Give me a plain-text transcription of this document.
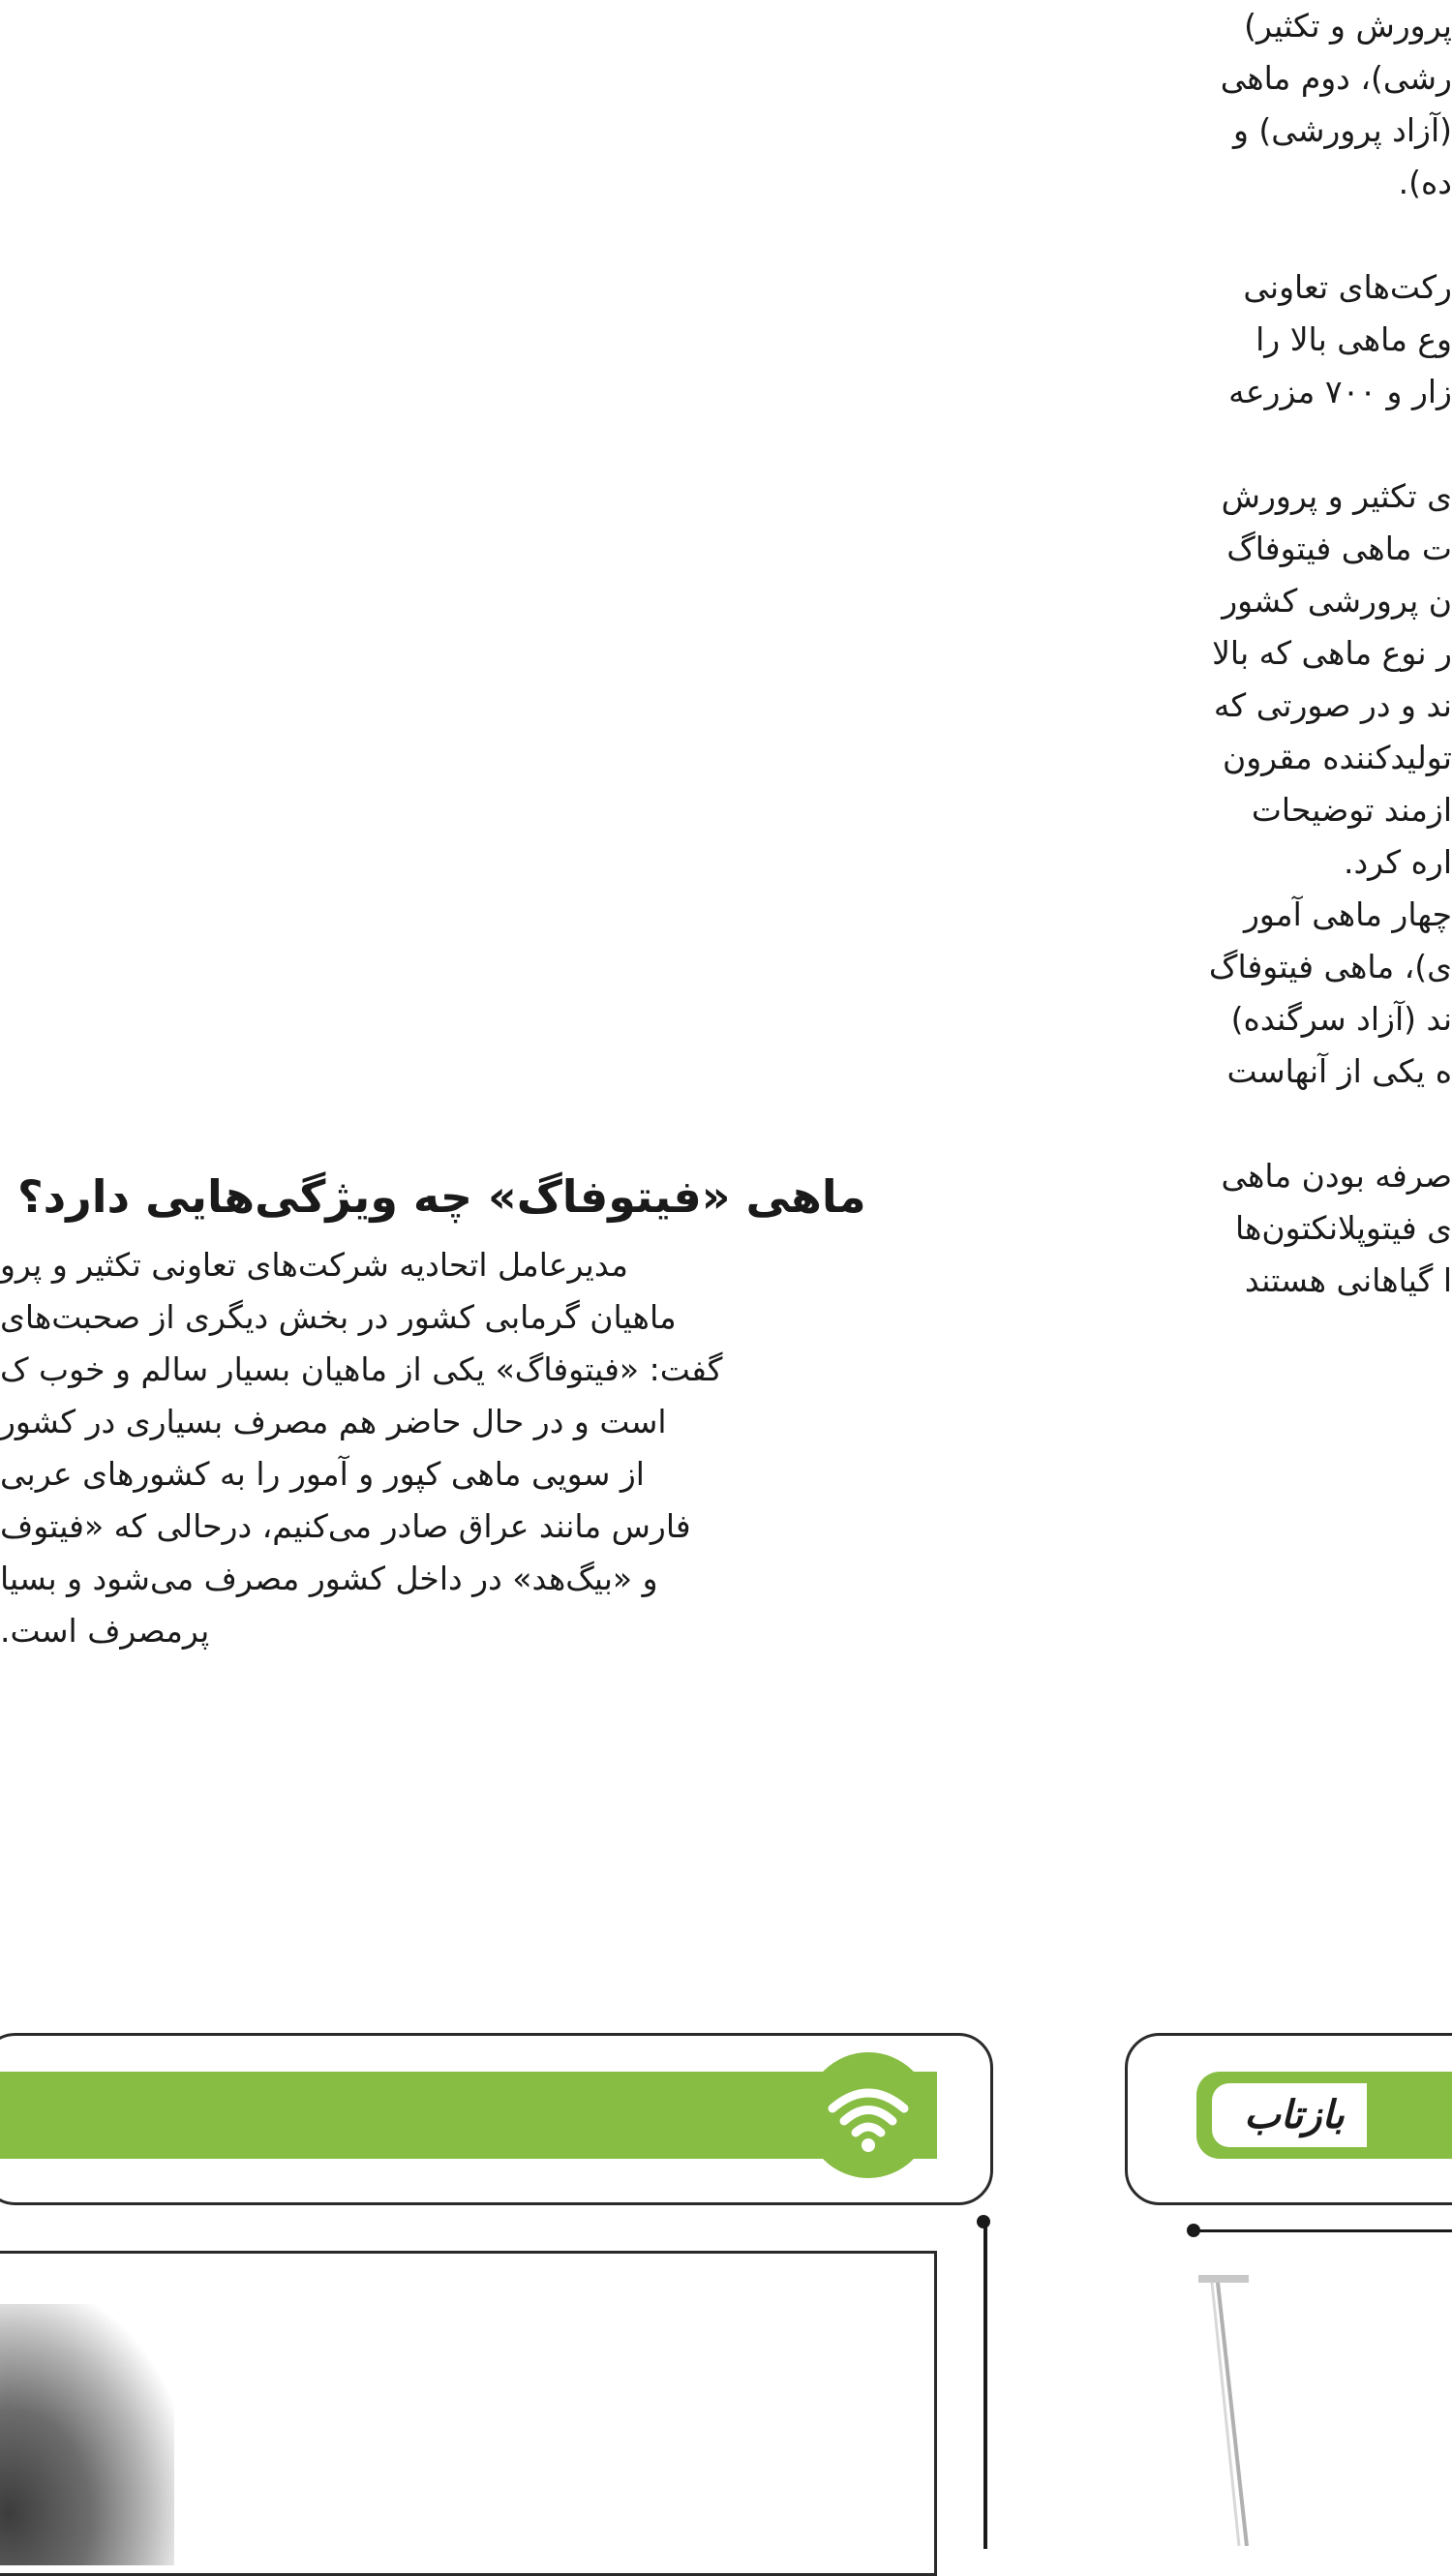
ماهی «فیتوفاگ» چه ویژگی‌هایی دارد؟
مدیرعامل اتحادیه شرکت‌های تعاونی تکثیر و پرو
ماهیان گرمابی کشور در بخش دیگری از صحبت‌های
گفت: «فیتوفاگ» یکی از ماهیان بسیار سالم و خوب ک
است و در حال حاضر هم مصرف بسیاری در کشور
از سویی ماهی کپور و آمور را به کشورهای عربی
فارس مانند عراق صادر می‌کنیم، درحالی که «فیتوف
و «بیگ‌هد» در داخل کشور مصرف می‌شود و بسیا
پرمصرف است.
پرورش و تکثیر)
رشی)، دوم ماهی
(آزاد پرورشی) و
ده).
رکت‌های تعاونی
وع ماهی بالا را
زار و ۷۰۰ مزرعه
ی تکثیر و پرورش
ت ماهی فیتوفاگ
ن پرورشی کشور
ر نوع ماهی که بالا
ند و در صورتی که
تولیدکننده مقرون
ازمند توضیحات
اره کرد.
چهار ماهی آمور
ی)، ماهی فیتوفاگ
ند (آزاد سرگنده)
ه یکی از آنهاست
صرفه بودن ماهی
ی فیتوپلانکتون‌ها
ا گیاهانی هستند
بازتاب
